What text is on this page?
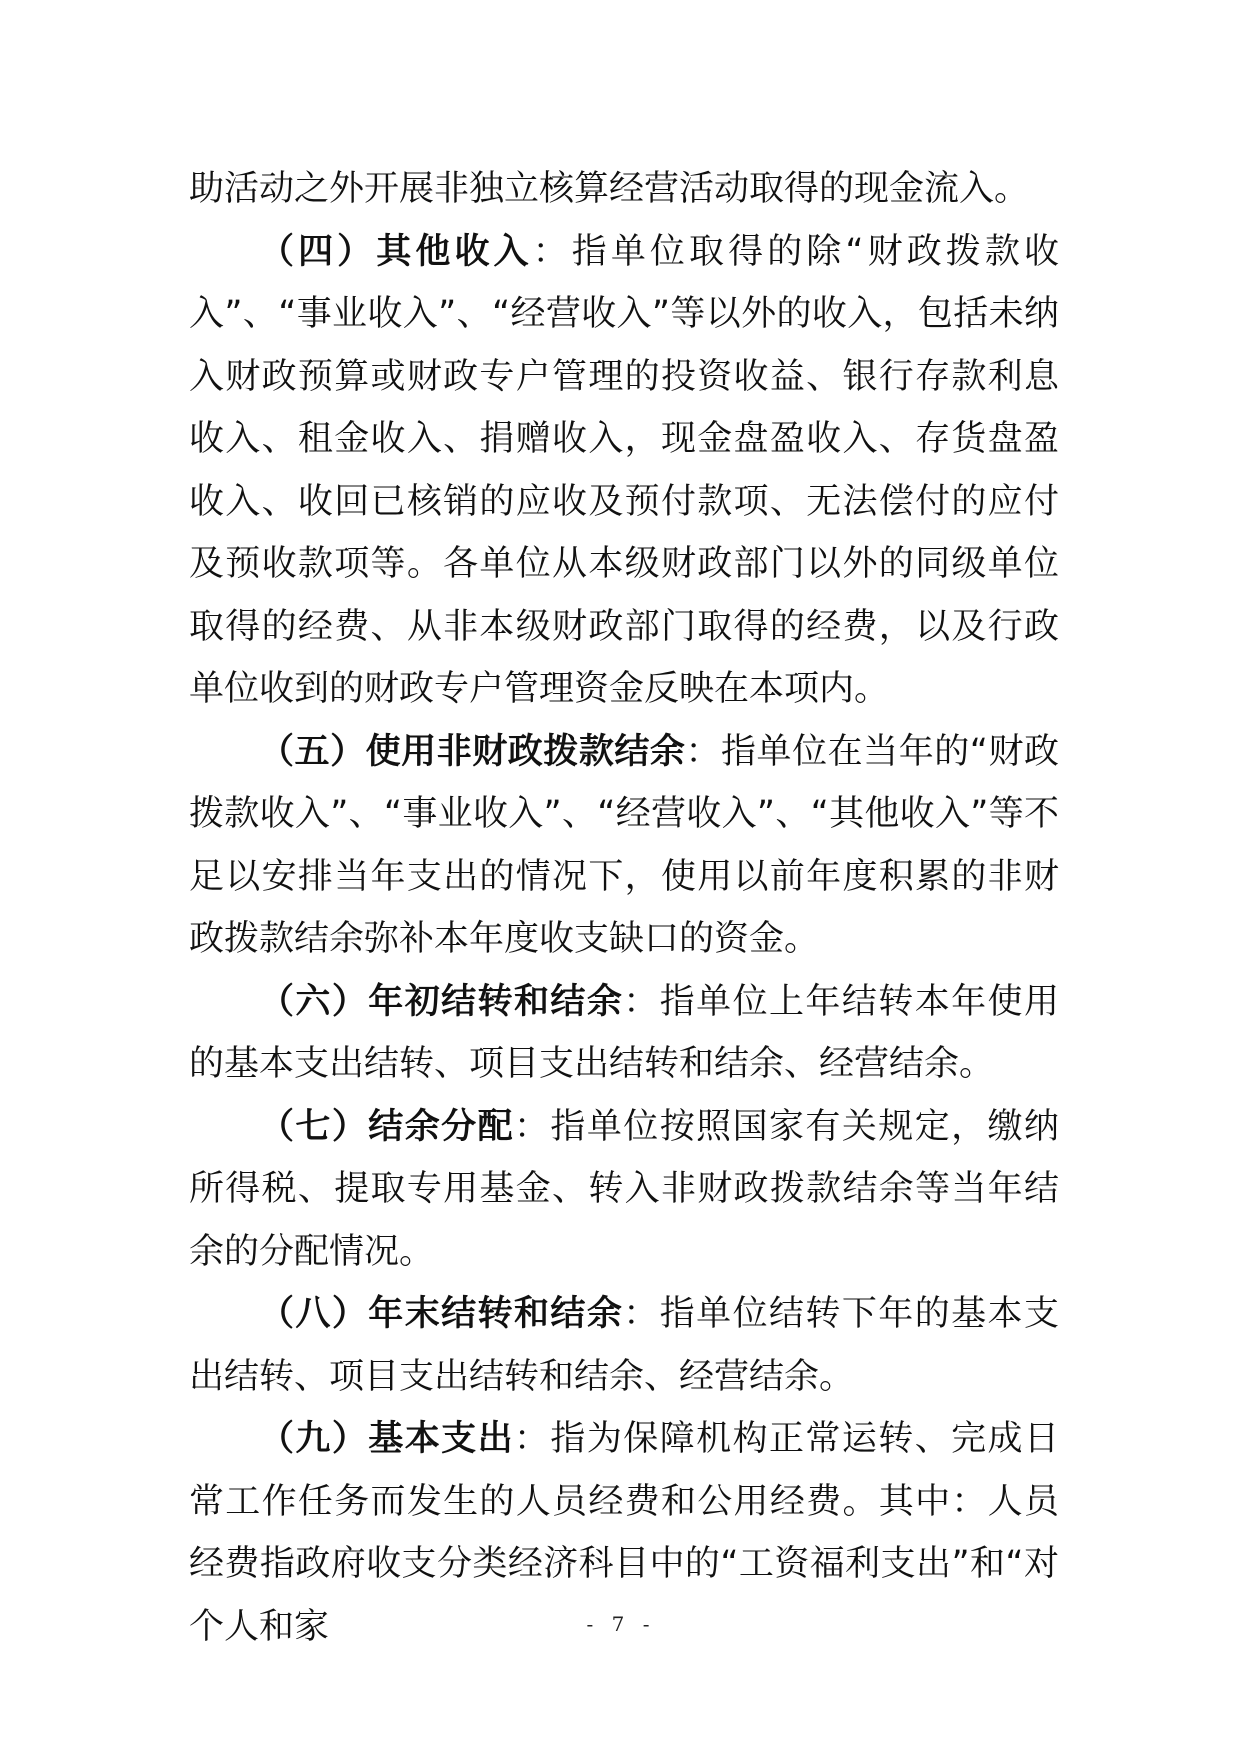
助活动之外开展非独立核算经营活动取得的现金流入。

（四）其他收入：指单位取得的除“财政拨款收入”、“事业收入”、“经营收入”等以外的收入，包括未纳入财政预算或财政专户管理的投资收益、银行存款利息收入、租金收入、捐赠收入，现金盘盈收入、存货盘盈收入、收回已核销的应收及预付款项、无法偿付的应付及预收款项等。各单位从本级财政部门以外的同级单位取得的经费、从非本级财政部门取得的经费，以及行政单位收到的财政专户管理资金反映在本项内。

（五）使用非财政拨款结余：指单位在当年的“财政拨款收入”、“事业收入”、“经营收入”、“其他收入”等不足以安排当年支出的情况下，使用以前年度积累的非财政拨款结余弥补本年度收支缺口的资金。

（六）年初结转和结余：指单位上年结转本年使用的基本支出结转、项目支出结转和结余、经营结余。

（七）结余分配：指单位按照国家有关规定，缴纳所得税、提取专用基金、转入非财政拨款结余等当年结余的分配情况。

（八）年末结转和结余：指单位结转下年的基本支出结转、项目支出结转和结余、经营结余。

（九）基本支出：指为保障机构正常运转、完成日常工作任务而发生的人员经费和公用经费。其中：人员经费指政府收支分类经济科目中的“工资福利支出”和“对个人和家	- 7 -
